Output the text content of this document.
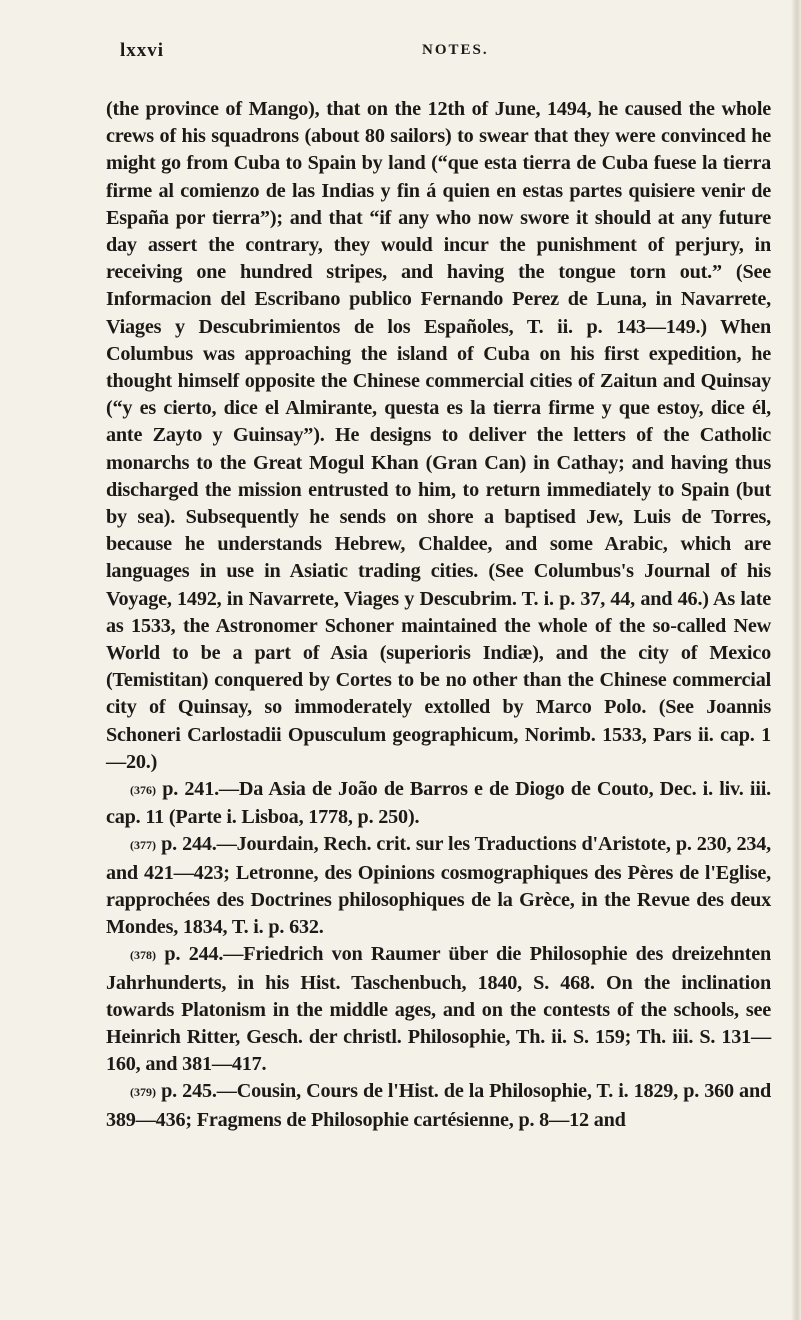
lxxvi	NOTES.

(the province of Mango), that on the 12th of June, 1494, he caused the whole crews of his squadrons (about 80 sailors) to swear that they were convinced he might go from Cuba to Spain by land (“que esta tierra de Cuba fuese la tierra firme al comienzo de las Indias y fin á quien en estas partes quisiere venir de España por tierra”); and that “if any who now swore it should at any future day assert the contrary, they would incur the punishment of perjury, in receiving one hundred stripes, and having the tongue torn out.” (See Informacion del Escribano publico Fernando Perez de Luna, in Navarrete, Viages y Descubrimientos de los Españoles, T. ii. p. 143—149.) When Columbus was approaching the island of Cuba on his first expedition, he thought himself opposite the Chinese commercial cities of Zaitun and Quinsay (“y es cierto, dice el Almirante, questa es la tierra firme y que estoy, dice él, ante Zayto y Guinsay”). He designs to deliver the letters of the Catholic monarchs to the Great Mogul Khan (Gran Can) in Cathay; and having thus discharged the mission entrusted to him, to return immediately to Spain (but by sea). Subsequently he sends on shore a baptised Jew, Luis de Torres, because he understands Hebrew, Chaldee, and some Arabic, which are languages in use in Asiatic trading cities. (See Columbus's Journal of his Voyage, 1492, in Navarrete, Viages y Descubrim. T. i. p. 37, 44, and 46.) As late as 1533, the Astronomer Schoner maintained the whole of the so-called New World to be a part of Asia (superioris Indiæ), and the city of Mexico (Temistitan) conquered by Cortes to be no other than the Chinese commercial city of Quinsay, so immoderately extolled by Marco Polo. (See Joannis Schoneri Carlostadii Opusculum geographicum, Norimb. 1533, Pars ii. cap. 1—20.)

(376) p. 241.—Da Asia de João de Barros e de Diogo de Couto, Dec. i. liv. iii. cap. 11 (Parte i. Lisboa, 1778, p. 250).

(377) p. 244.—Jourdain, Rech. crit. sur les Traductions d'Aristote, p. 230, 234, and 421—423; Letronne, des Opinions cosmographiques des Pères de l'Eglise, rapprochées des Doctrines philosophiques de la Grèce, in the Revue des deux Mondes, 1834, T. i. p. 632.

(378) p. 244.—Friedrich von Raumer über die Philosophie des dreizehnten Jahrhunderts, in his Hist. Taschenbuch, 1840, S. 468. On the inclination towards Platonism in the middle ages, and on the contests of the schools, see Heinrich Ritter, Gesch. der christl. Philosophie, Th. ii. S. 159; Th. iii. S. 131—160, and 381—417.

(379) p. 245.—Cousin, Cours de l'Hist. de la Philosophie, T. i. 1829, p. 360 and 389—436; Fragmens de Philosophie cartésienne, p. 8—12 and
